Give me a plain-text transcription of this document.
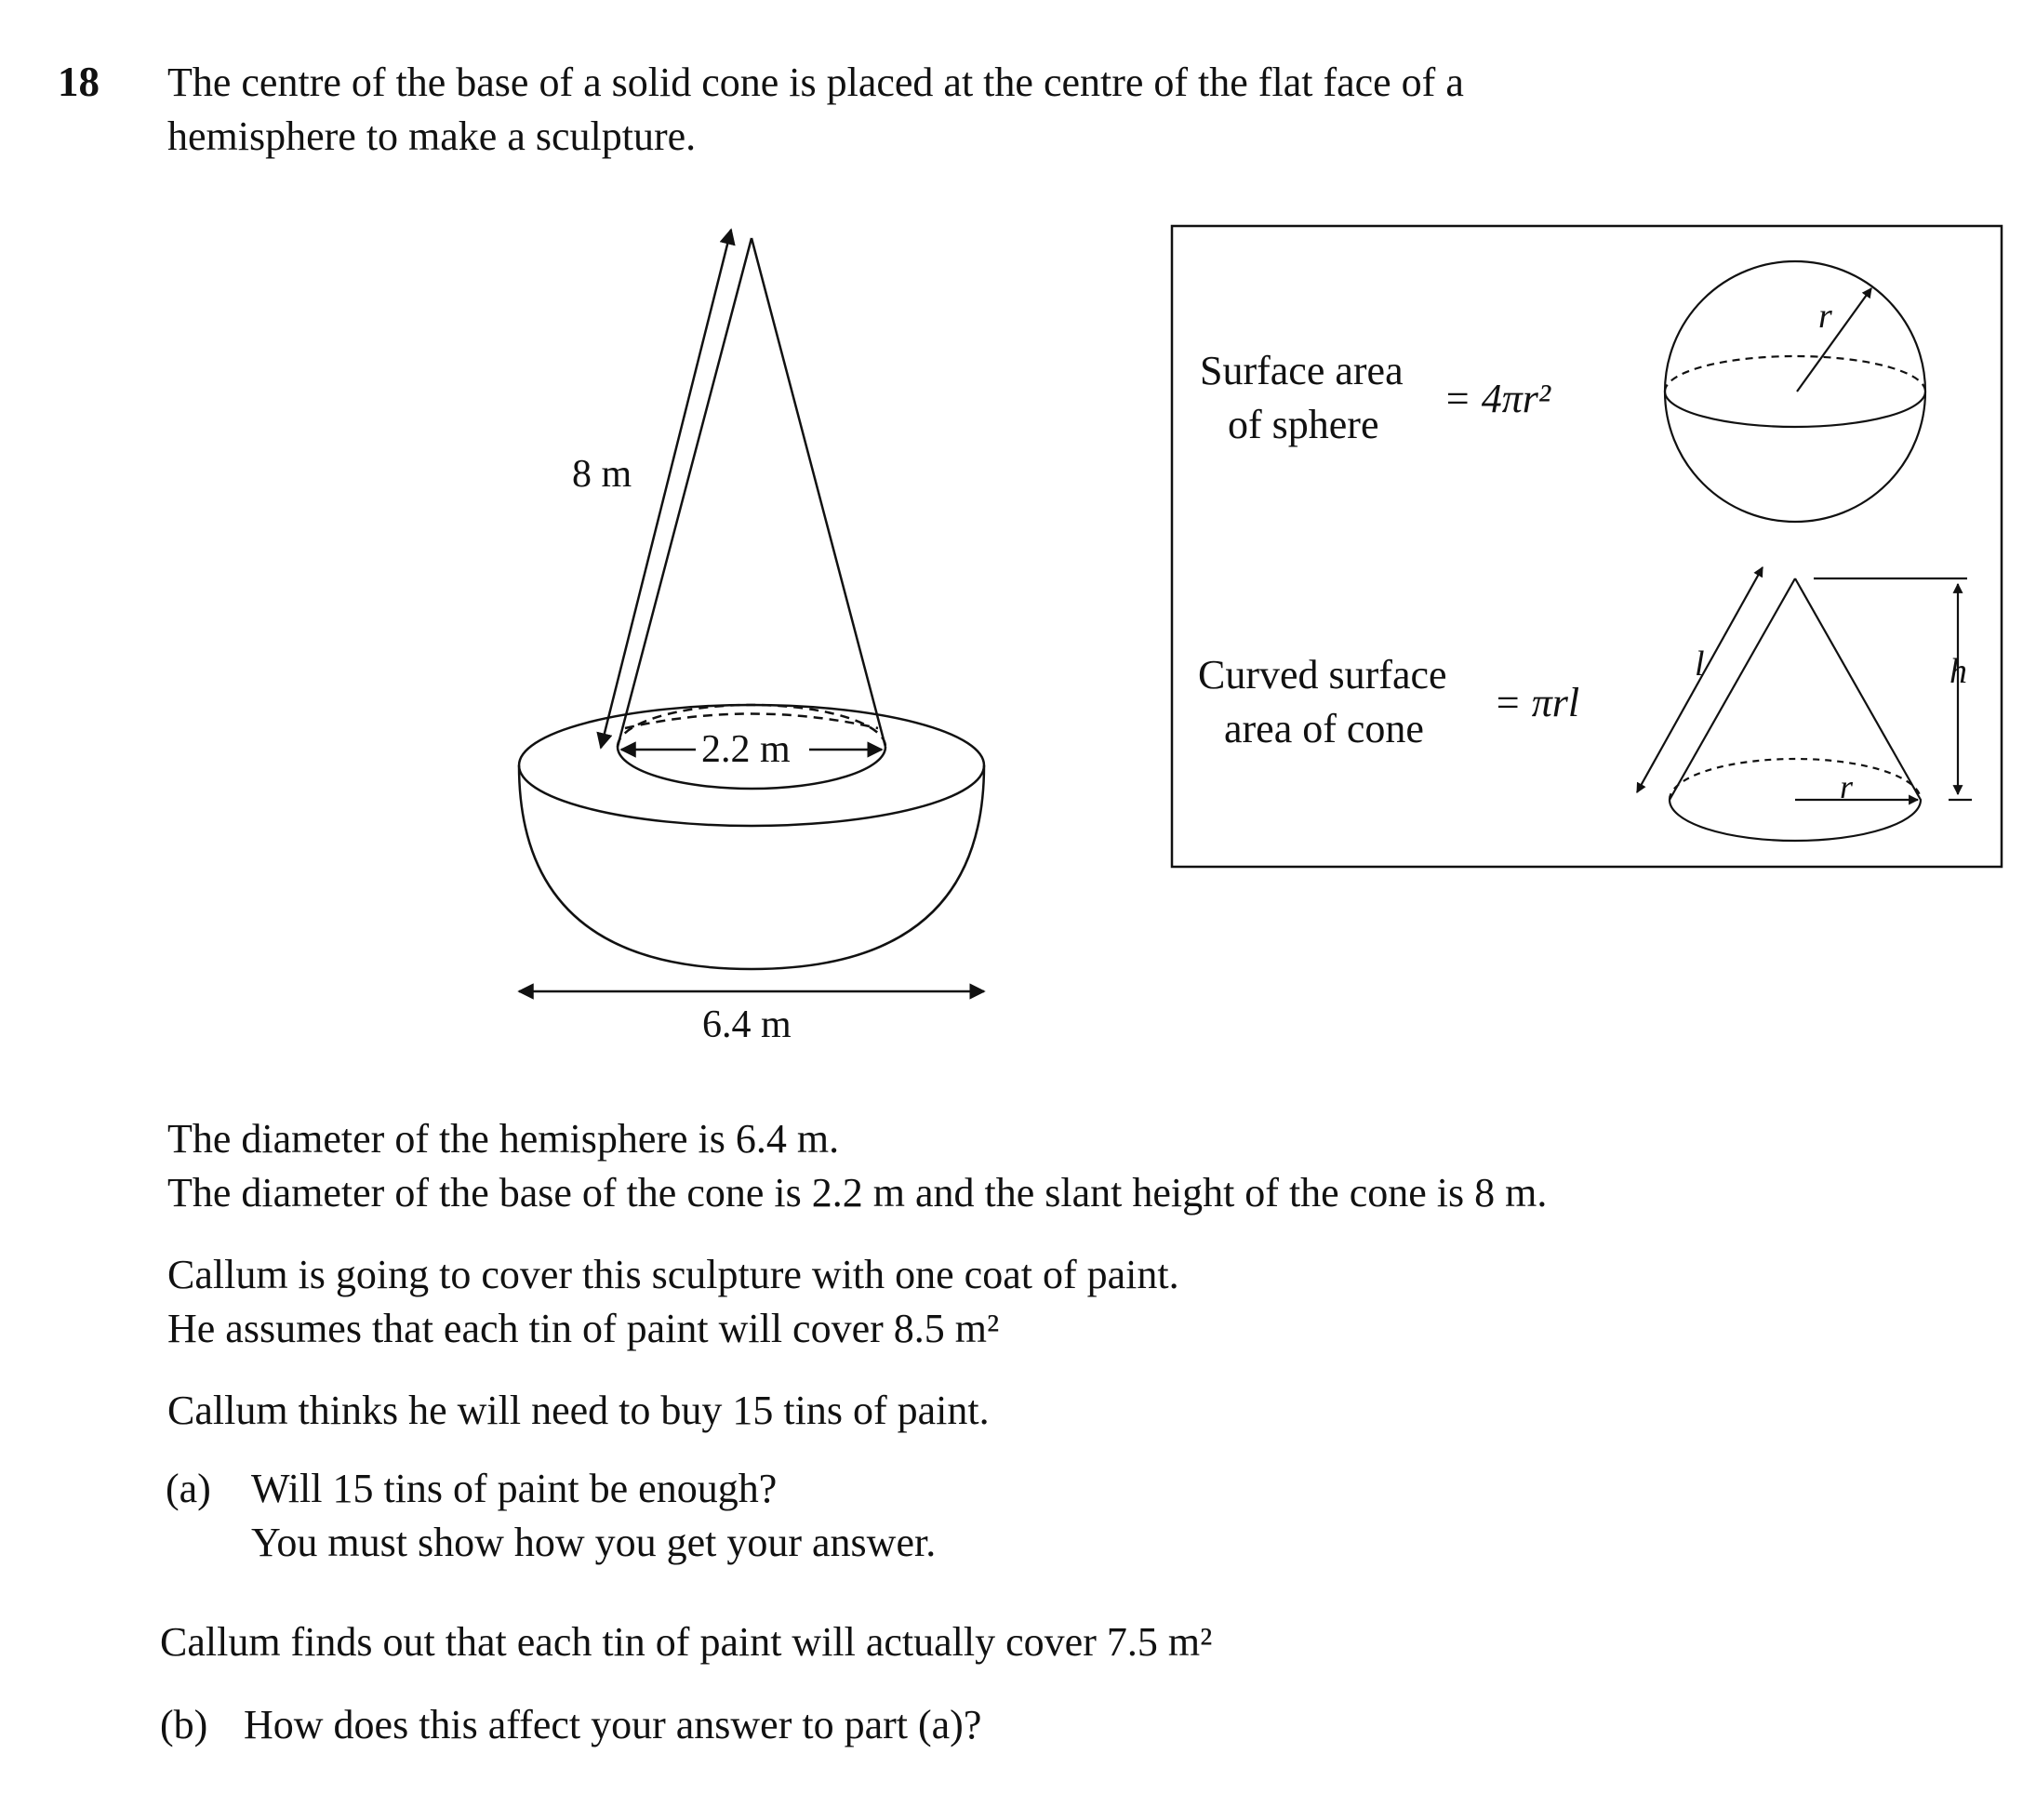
18 The centre of the base of a solid cone is placed at the centre of the flat face of a
hemisphere to make a sculpture.
8 m
2.2 m
6.4 m
Surface area
of sphere
= 4πr²
r
Curved surface
area of cone
= πrl
l
r
h
The diameter of the hemisphere is 6.4 m.
The diameter of the base of the cone is 2.2 m and the slant height of the cone is 8 m.
Callum is going to cover this sculpture with one coat of paint.
He assumes that each tin of paint will cover 8.5 m²
Callum thinks he will need to buy 15 tins of paint.
(a) Will 15 tins of paint be enough?
You must show how you get your answer.
Callum finds out that each tin of paint will actually cover 7.5 m²
(b) How does this affect your answer to part (a)?
